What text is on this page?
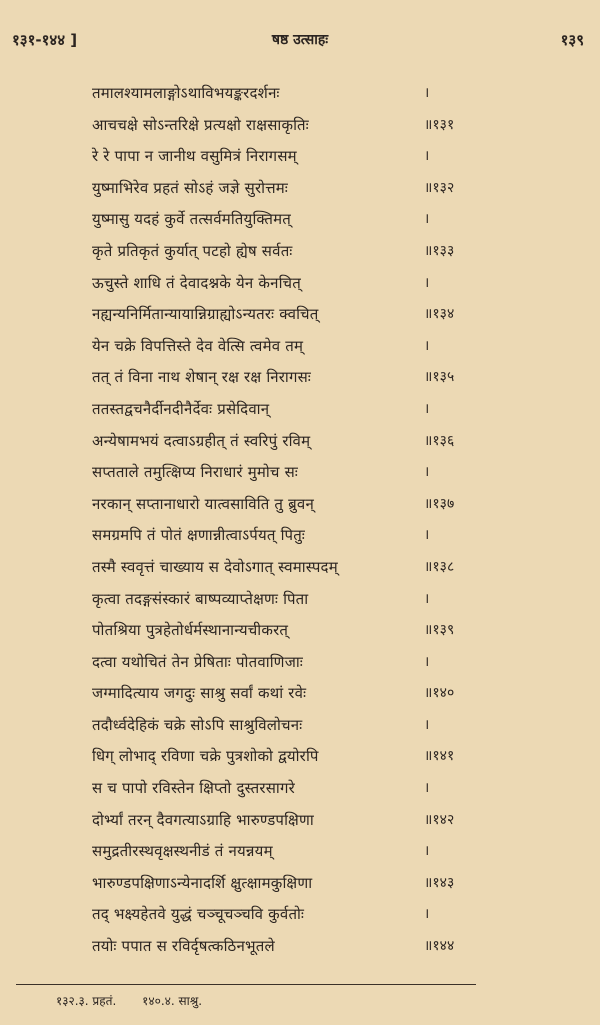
१३१-१४४ ]	षष्ठ उत्साहः	१३९
तमालश्यामलाङ्गोऽथाविभयङ्करदर्शनः	।
आचचक्षे सोऽन्तरिक्षे प्रत्यक्षो राक्षसाकृतिः	॥१३१
रे रे पापा न जानीथ वसुमित्रं निरागसम्	।
युष्माभिरेव प्रहतं सोऽहं जज्ञे सुरोत्तमः	॥१३२
युष्मासु यदहं कुर्वे तत्सर्वमतियुक्तिमत्	।
कृते प्रतिकृतं कुर्यात् पटहो ह्येष सर्वतः	॥१३३
ऊचुस्ते शाधि तं देवादश्नके येन केनचित्	।
नह्यन्यनिर्मितान्यायान्निग्राह्योऽन्यतरः क्वचित्	॥१३४
येन चक्रे विपत्तिस्ते देव वेत्सि त्वमेव तम्	।
तत् तं विना नाथ शेषान् रक्ष रक्ष निरागसः	॥१३५
ततस्तद्वचनैर्दीनदीनैर्देवः प्रसेदिवान्	।
अन्येषामभयं दत्वाऽग्रहीत् तं स्वरिपुं रविम्	॥१३६
सप्तताले तमुत्क्षिप्य निराधारं मुमोच सः	।
नरकान् सप्तानाधारो यात्वसाविति तु ब्रुवन्	॥१३७
समग्रमपि तं पोतं क्षणान्नीत्वाऽर्पयत् पितुः	।
तस्मै स्ववृत्तं चाख्याय स देवोऽगात् स्वमास्पदम्	॥१३८
कृत्वा तदङ्गसंस्कारं बाष्पव्याप्तेक्षणः पिता	।
पोतश्रिया पुत्रहेतोर्धर्मस्थानान्यचीकरत्	॥१३९
दत्वा यथोचितं तेन प्रेषिताः पोतवाणिजाः	।
जग्मादित्याय जगदुः साश्रु सर्वां कथां रवेः	॥१४०
तदौर्ध्वदेहिकं चक्रे सोऽपि साश्रुविलोचनः	।
धिग् लोभाद् रविणा चक्रे पुत्रशोको द्वयोरपि	॥१४१
स च पापो रविस्तेन क्षिप्तो दुस्तरसागरे	।
दोर्भ्यां तरन् दैवगत्याऽग्राहि भारुण्डपक्षिणा	॥१४२
समुद्रतीरस्थवृक्षस्थनीडं तं नयन्नयम्	।
भारुण्डपक्षिणाऽन्येनादर्शि क्षुत्क्षामकुक्षिणा	॥१४३
तद् भक्ष्यहेतवे युद्धं चञ्चूचञ्चवि कुर्वतोः	।
तयोः पपात स रविर्दृषत्कठिनभूतले	॥१४४
१३२.३. प्रहतं. १४०.४. साश्रु.
